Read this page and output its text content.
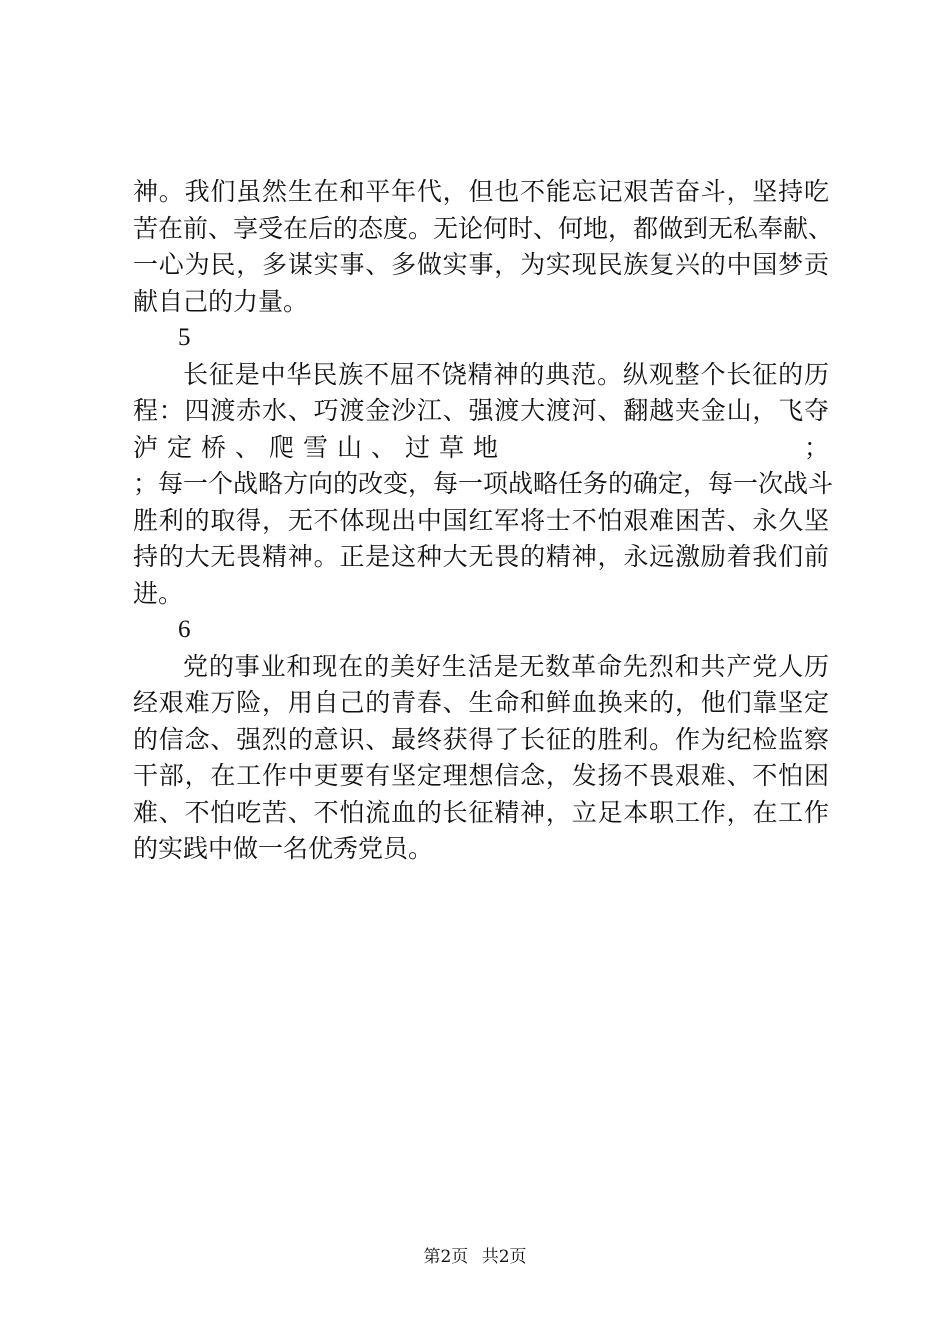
神。我们虽然生在和平年代，但也不能忘记艰苦奋斗，坚持吃
苦在前、享受在后的态度。无论何时、何地，都做到无私奉献、
一心为民，多谋实事、多做实事，为实现民族复兴的中国梦贡
献自己的力量。
5
长征是中华民族不屈不饶精神的典范。纵观整个长征的历
程：四渡赤水、巧渡金沙江、强渡大渡河、翻越夹金山，飞夺
泸定桥、爬雪山、过草地	；
；每一个战略方向的改变，每一项战略任务的确定，每一次战斗
胜利的取得，无不体现出中国红军将士不怕艰难困苦、永久坚
持的大无畏精神。正是这种大无畏的精神，永远激励着我们前
进。
6
党的事业和现在的美好生活是无数革命先烈和共产党人历
经艰难万险，用自己的青春、生命和鲜血换来的，他们靠坚定
的信念、强烈的意识、最终获得了长征的胜利。作为纪检监察
干部，在工作中更要有坚定理想信念，发扬不畏艰难、不怕困
难、不怕吃苦、不怕流血的长征精神，立足本职工作，在工作
的实践中做一名优秀党员。
第2页 共2页
